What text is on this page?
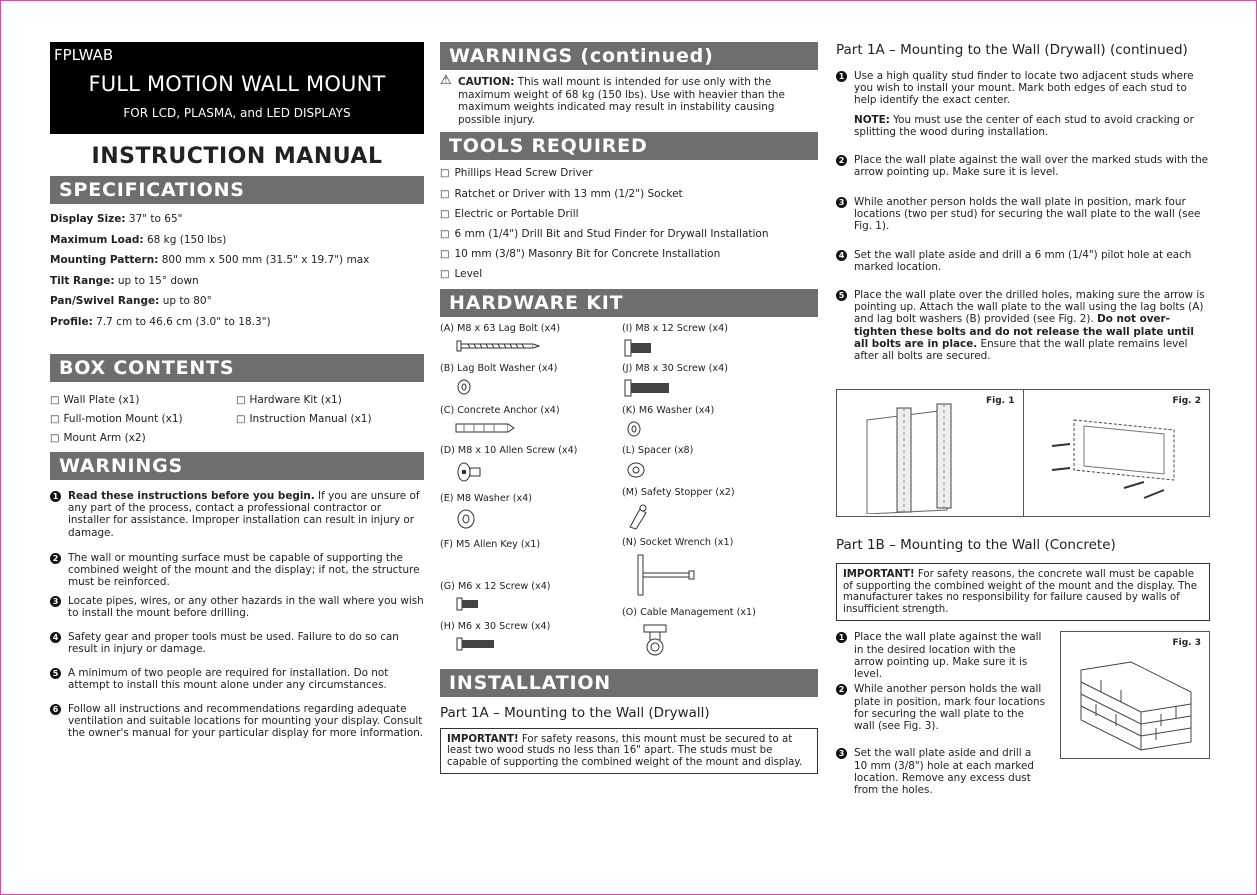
FPLWAB
FULL MOTION WALL MOUNT
FOR LCD, PLASMA, and LED DISPLAYS
INSTRUCTION MANUAL
SPECIFICATIONS
Display Size: 37" to 65"
Maximum Load: 68 kg (150 lbs)
Mounting Pattern: 800 mm x 500 mm (31.5" x 19.7") max
Tilt Range: up to 15° down
Pan/Swivel Range: up to 80°
Profile: 7.7 cm to 46.6 cm (3.0" to 18.3")
BOX CONTENTS
□ Wall Plate (x1)	□ Hardware Kit (x1)
□ Full-motion Mount (x1)	□ Instruction Manual (x1)
□ Mount Arm (x2)
WARNINGS
1 Read these instructions before you begin. If you are unsure of any part of the process, contact a professional contractor or installer for assistance. Improper installation can result in injury or damage.
2 The wall or mounting surface must be capable of supporting the combined weight of the mount and the display; if not, the structure must be reinforced.
3 Locate pipes, wires, or any other hazards in the wall where you wish to install the mount before drilling.
4 Safety gear and proper tools must be used. Failure to do so can result in injury or damage.
5 A minimum of two people are required for installation. Do not attempt to install this mount alone under any circumstances.
6 Follow all instructions and recommendations regarding adequate ventilation and suitable locations for mounting your display. Consult the owner's manual for your particular display for more information.
WARNINGS (continued)
⚠ CAUTION: This wall mount is intended for use only with the maximum weight of 68 kg (150 lbs). Use with heavier than the maximum weights indicated may result in instability causing possible injury.
TOOLS REQUIRED
□ Phillips Head Screw Driver
□ Ratchet or Driver with 13 mm (1/2") Socket
□ Electric or Portable Drill
□ 6 mm (1/4") Drill Bit and Stud Finder for Drywall Installation
□ 10 mm (3/8") Masonry Bit for Concrete Installation
□ Level
HARDWARE KIT
(A) M8 x 63 Lag Bolt (x4)
(B) Lag Bolt Washer (x4)
(C) Concrete Anchor (x4)
(D) M8 x 10 Allen Screw (x4)
(E) M8 Washer (x4)
(F) M5 Allen Key (x1)
(G) M6 x 12 Screw (x4)
(H) M6 x 30 Screw (x4)
(I) M8 x 12 Screw (x4)
(J) M8 x 30 Screw (x4)
(K) M6 Washer (x4)
(L) Spacer (x8)
(M) Safety Stopper (x2)
(N) Socket Wrench (x1)
(O) Cable Management (x1)
INSTALLATION
Part 1A – Mounting to the Wall (Drywall)
IMPORTANT! For safety reasons, this mount must be secured to at least two wood studs no less than 16" apart. The studs must be capable of supporting the combined weight of the mount and display.
Part 1A – Mounting to the Wall (Drywall) (continued)
1 Use a high quality stud finder to locate two adjacent studs where you wish to install your mount. Mark both edges of each stud to help identify the exact center.
NOTE: You must use the center of each stud to avoid cracking or splitting the wood during installation.
2 Place the wall plate against the wall over the marked studs with the arrow pointing up. Make sure it is level.
3 While another person holds the wall plate in position, mark four locations (two per stud) for securing the wall plate to the wall (see Fig. 1).
4 Set the wall plate aside and drill a 6 mm (1/4") pilot hole at each marked location.
5 Place the wall plate over the drilled holes, making sure the arrow is pointing up. Attach the wall plate to the wall using the lag bolts (A) and lag bolt washers (B) provided (see Fig. 2). Do not over-tighten these bolts and do not release the wall plate until all bolts are in place. Ensure that the wall plate remains level after all bolts are secured.
Fig. 1	Fig. 2
Part 1B – Mounting to the Wall (Concrete)
IMPORTANT! For safety reasons, the concrete wall must be capable of supporting the combined weight of the mount and the display. The manufacturer takes no responsibility for failure caused by walls of insufficient strength.
1 Place the wall plate against the wall in the desired location with the arrow pointing up. Make sure it is level.
2 While another person holds the wall plate in position, mark four locations for securing the wall plate to the wall (see Fig. 3).
3 Set the wall plate aside and drill a 10 mm (3/8") hole at each marked location. Remove any excess dust from the holes.
Fig. 3
